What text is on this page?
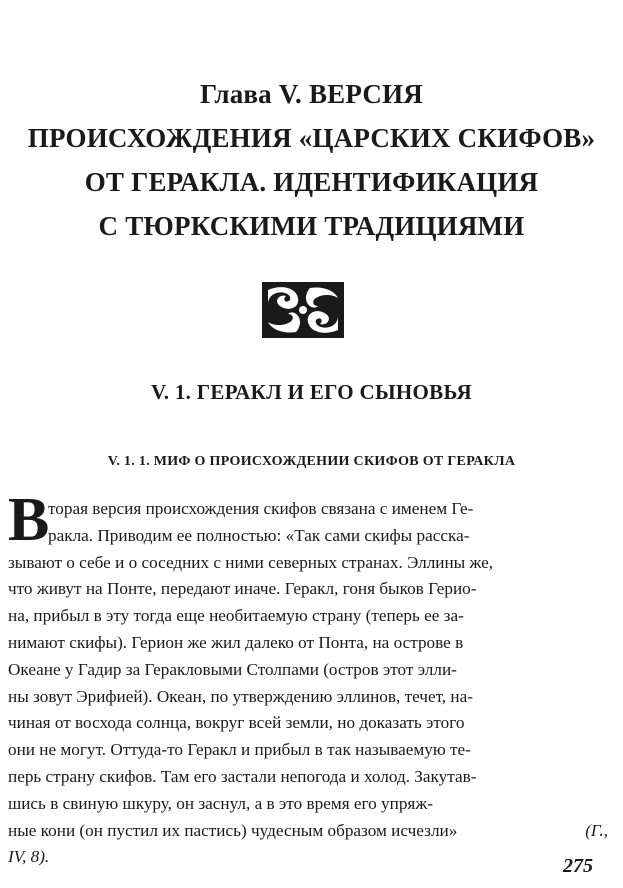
Глава V. ВЕРСИЯ
ПРОИСХОЖДЕНИЯ «ЦАРСКИХ СКИФОВ»
ОТ ГЕРАКЛА. ИДЕНТИФИКАЦИЯ
С ТЮРКСКИМИ ТРАДИЦИЯМИ
V. 1. ГЕРАКЛ И ЕГО СЫНОВЬЯ
V. 1. 1. МИФ О ПРОИСХОЖДЕНИИ СКИФОВ ОТ ГЕРАКЛА
В
торая версия происхождения скифов связана с именем Ге-
ракла. Приводим ее полностью: «Так сами скифы расска-
зывают о себе и о соседних с ними северных странах. Эллины же,
что живут на Понте, передают иначе. Геракл, гоня быков Герио-
на, прибыл в эту тогда еще необитаемую страну (теперь ее за-
нимают скифы). Герион же жил далеко от Понта, на острове в
Океане у Гадир за Геракловыми Столпами (остров этот элли-
ны зовут Эрифией). Океан, по утверждению эллинов, течет, на-
чиная от восхода солнца, вокруг всей земли, но доказать этого
они не могут. Оттуда-то Геракл и прибыл в так называемую те-
перь страну скифов. Там его застали непогода и холод. Закутав-
шись в свиную шкуру, он заснул, а в это время его упряж-
ные кони (он пустил их пастись) чудесным образом исчезли»	(Г.,
IV, 8).	275
